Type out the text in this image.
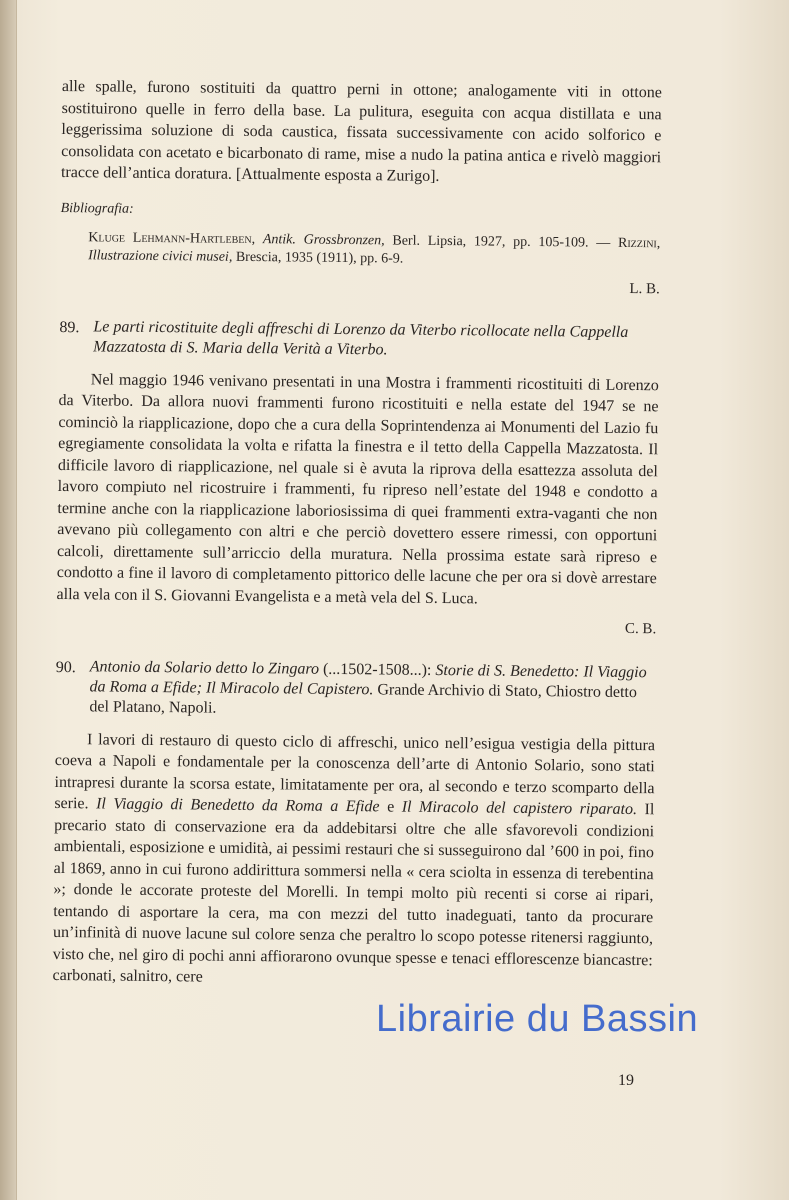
alle spalle, furono sostituiti da quattro perni in ottone; analogamente viti in ottone sostituirono quelle in ferro della base. La pulitura, eseguita con acqua distillata e una leggerissima soluzione di soda caustica, fissata successivamente con acido solforico e consolidata con acetato e bicarbonato di rame, mise a nudo la patina antica e rivelò maggiori tracce dell’antica doratura. [Attualmente esposta a Zurigo].

Bibliografia:

Kluge Lehmann-Hartleben, Antik. Grossbronzen, Berl. Lipsia, 1927, pp. 105-109. — Rizzini, Illustrazione civici musei, Brescia, 1935 (1911), pp. 6-9.

L. B.
89. Le parti ricostituite degli affreschi di Lorenzo da Viterbo ricollocate nella Cappella Mazzatosta di S. Maria della Verità a Viterbo.

Nel maggio 1946 venivano presentati in una Mostra i frammenti ricostituiti di Lorenzo da Viterbo. Da allora nuovi frammenti furono ricostituiti e nella estate del 1947 se ne cominciò la riapplicazione, dopo che a cura della Soprintendenza ai Monumenti del Lazio fu egregiamente consolidata la volta e rifatta la finestra e il tetto della Cappella Mazzatosta. Il difficile lavoro di riapplicazione, nel quale si è avuta la riprova della esattezza assoluta del lavoro compiuto nel ricostruire i frammenti, fu ripreso nell’estate del 1948 e condotto a termine anche con la riapplicazione laboriosissima di quei frammenti extra-vaganti che non avevano più collegamento con altri e che perciò dovettero essere rimessi, con opportuni calcoli, direttamente sull’arriccio della muratura. Nella prossima estate sarà ripreso e condotto a fine il lavoro di completamento pittorico delle lacune che per ora si dovè arrestare alla vela con il S. Giovanni Evangelista e a metà vela del S. Luca.

C. B.
90. Antonio da Solario detto lo Zingaro (...1502-1508...): Storie di S. Benedetto: Il Viaggio da Roma a Efide; Il Miracolo del Capistero. Grande Archivio di Stato, Chiostro detto del Platano, Napoli.

I lavori di restauro di questo ciclo di affreschi, unico nell’esigua vestigia della pittura coeva a Napoli e fondamentale per la conoscenza dell’arte di Antonio Solario, sono stati intrapresi durante la scorsa estate, limitatamente per ora, al secondo e terzo scomparto della serie. Il Viaggio di Benedetto da Roma a Efide e Il Miracolo del capistero riparato. Il precario stato di conservazione era da addebitarsi oltre che alle sfavorevoli condizioni ambientali, esposizione e umidità, ai pessimi restauri che si susseguirono dal ’600 in poi, fino al 1869, anno in cui furono addirittura sommersi nella « cera sciolta in essenza di terebentina »; donde le accorate proteste del Morelli. In tempi molto più recenti si corse ai ripari, tentando di asportare la cera, ma con mezzi del tutto inadeguati, tanto da procurare un’infinità di nuove lacune sul colore senza che peraltro lo scopo potesse ritenersi raggiunto, visto che, nel giro di pochi anni affiorarono ovunque spesse e tenaci efflorescenze biancastre: carbonati, salnitro, cere

19
Librairie du Bassin
